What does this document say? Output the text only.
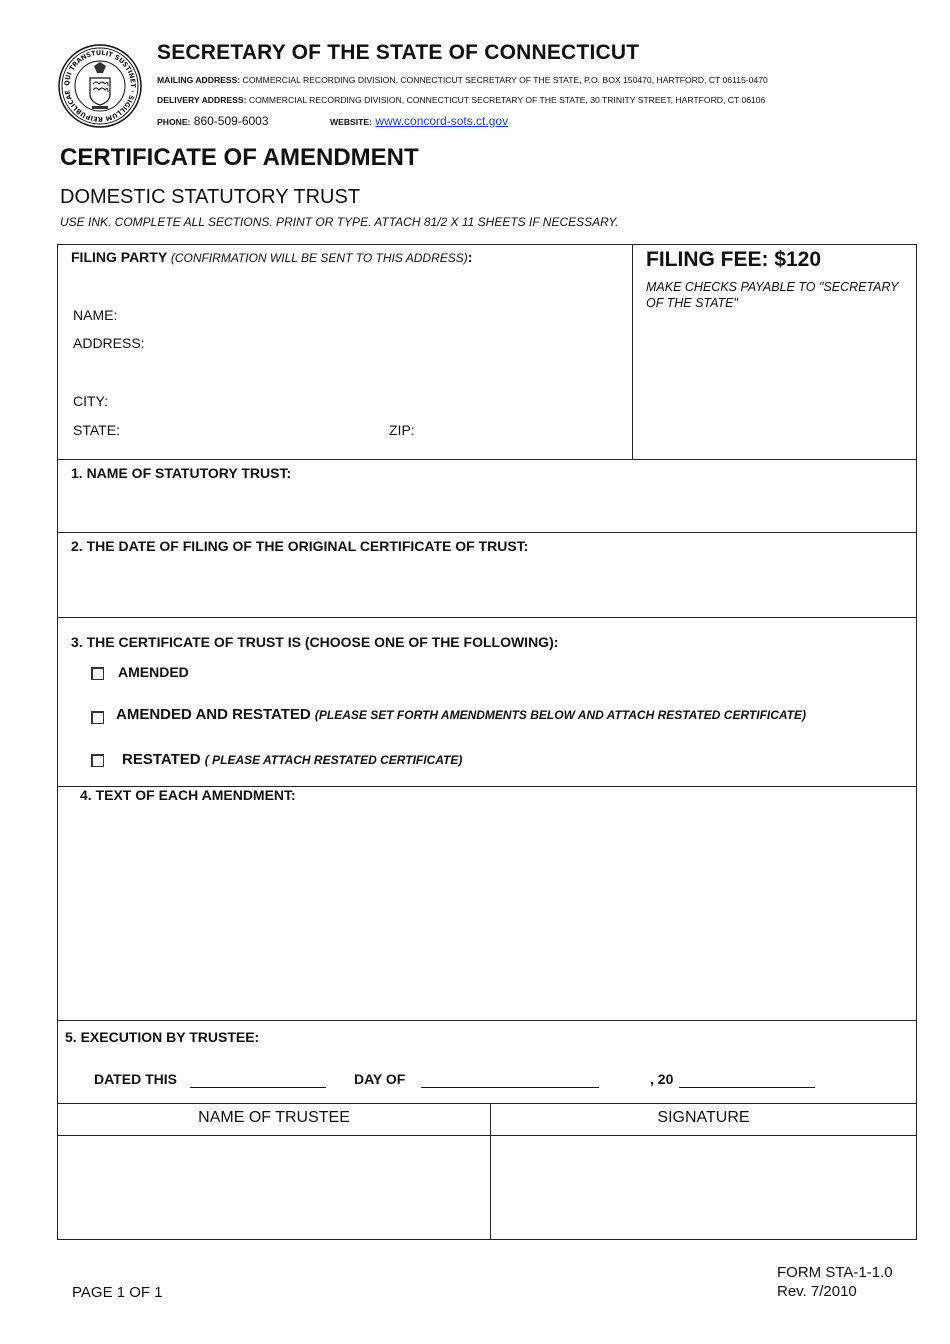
QUI TRANSTULIT SUSTINET · SIGILLUM REIPUBLICAE
SECRETARY OF THE STATE OF CONNECTICUT
MAILING ADDRESS: COMMERCIAL RECORDING DIVISION, CONNECTICUT SECRETARY OF THE STATE, P.O. BOX 150470, HARTFORD, CT 06115-0470
DELIVERY ADDRESS: COMMERCIAL RECORDING DIVISION, CONNECTICUT SECRETARY OF THE STATE, 30 TRINITY STREET, HARTFORD, CT 06106
PHONE: 860-509-6003	WEBSITE: www.concord-sots.ct.gov
CERTIFICATE OF AMENDMENT
DOMESTIC STATUTORY TRUST
USE INK. COMPLETE ALL SECTIONS. PRINT OR TYPE. ATTACH 81/2 X 11 SHEETS IF NECESSARY.
FILING PARTY (CONFIRMATION WILL BE SENT TO THIS ADDRESS):
NAME:
ADDRESS:
CITY:
STATE:	ZIP:
FILING FEE: $120
MAKE CHECKS PAYABLE TO "SECRETARY OF THE STATE"
1. NAME OF STATUTORY TRUST:
2. THE DATE OF FILING OF THE ORIGINAL CERTIFICATE OF TRUST:
3. THE CERTIFICATE OF TRUST IS (CHOOSE ONE OF THE FOLLOWING):
AMENDED
AMENDED AND RESTATED (PLEASE SET FORTH AMENDMENTS BELOW AND ATTACH RESTATED CERTIFICATE)
RESTATED ( PLEASE ATTACH RESTATED CERTIFICATE)
4. TEXT OF EACH AMENDMENT:
5. EXECUTION BY TRUSTEE:
DATED THIS	DAY OF	, 20
NAME OF TRUSTEE	SIGNATURE
PAGE 1 OF 1
FORM STA-1-1.0
Rev. 7/2010
